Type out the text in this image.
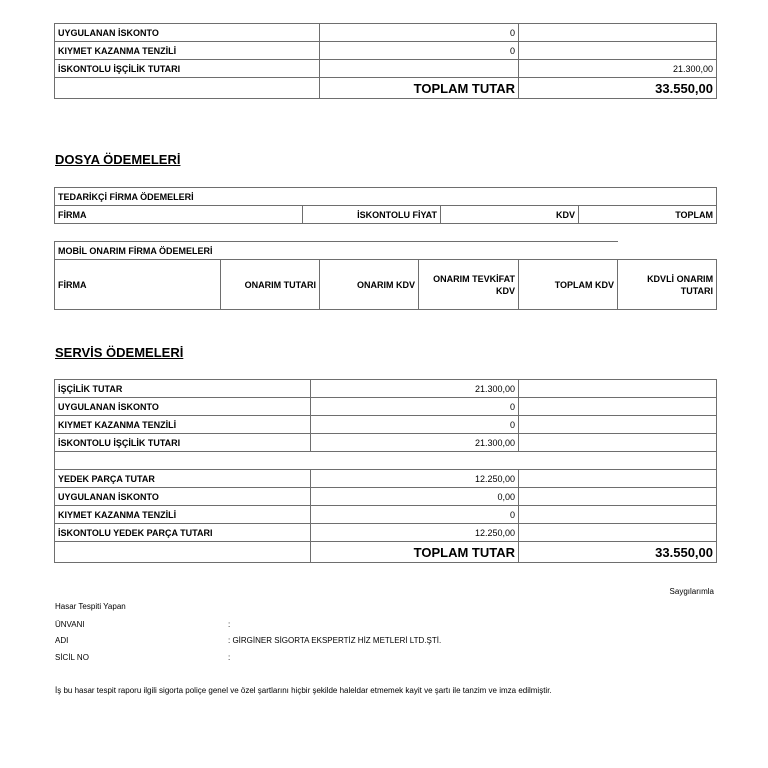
UYGULANAN İSKONTO	0	
KIYMET KAZANMA TENZİLİ	0	
İSKONTOLU İŞÇİLİK TUTARI		21.300,00
	TOPLAM TUTAR	33.550,00
DOSYA ÖDEMELERİ
TEDARİKÇİ FİRMA ÖDEMELERİ
FİRMA	İSKONTOLU FİYAT	KDV	TOPLAM
MOBİL ONARIM FİRMA ÖDEMELERİ					
FİRMA	ONARIM TUTARI	ONARIM KDV	ONARIM TEVKİFAT KDV	TOPLAM KDV	KDVLİ ONARIM TUTARI
SERVİS ÖDEMELERİ
İŞÇİLİK TUTAR	21.300,00	
UYGULANAN İSKONTO	0	
KIYMET KAZANMA TENZİLİ	0	
İSKONTOLU İŞÇİLİK TUTARI	21.300,00	

YEDEK PARÇA TUTAR	12.250,00	
UYGULANAN İSKONTO	0,00	
KIYMET KAZANMA TENZİLİ	0	
İSKONTOLU YEDEK PARÇA TUTARI	12.250,00	
	TOPLAM TUTAR	33.550,00
Saygılarımla
Hasar Tespiti Yapan
ÜNVANI	:
ADI	: GİRGİNER SİGORTA EKSPERTİZ HİZ METLERİ LTD.ŞTİ.
SİCİL NO	:
İş bu hasar tespit raporu ilgili sigorta poliçe genel ve özel şartlarını hiçbir şekilde haleldar etmemek kayit ve şartı ile tanzim ve imza edilmiştir.
